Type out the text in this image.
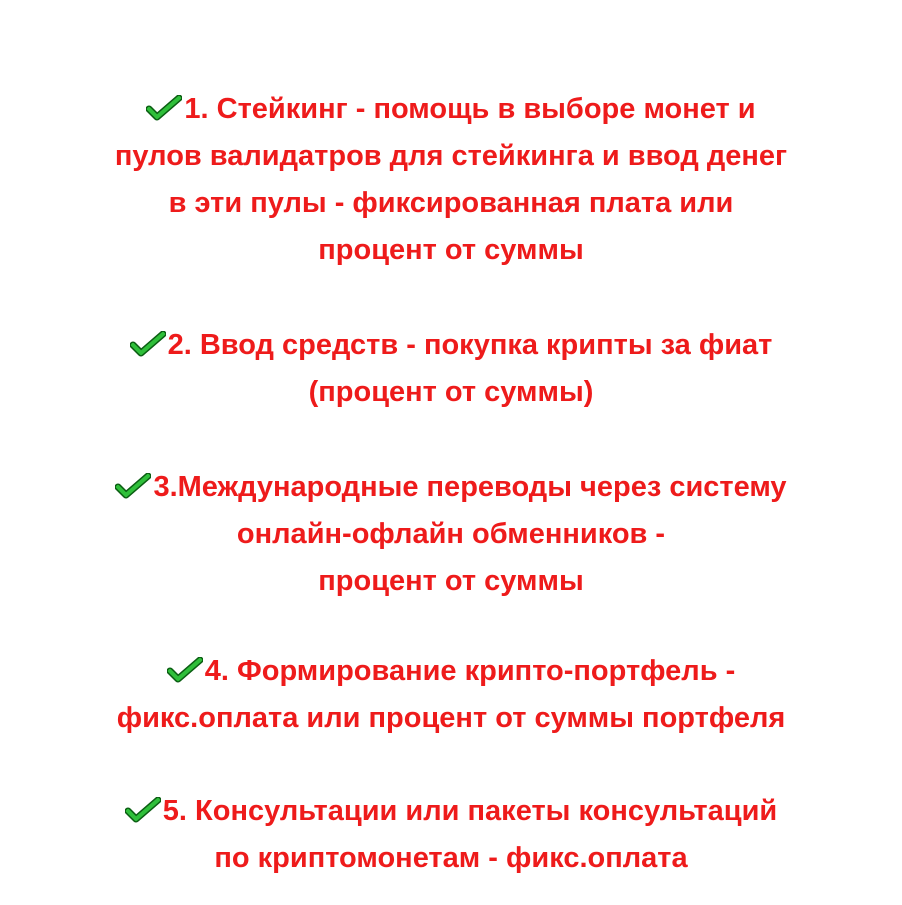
1. Стейкинг - помощь в выборе монет и
пулов валидатров для стейкинга и ввод денег
в эти пулы - фиксированная плата или
процент от суммы
2. Ввод средств - покупка крипты за фиат
(процент от суммы)
3.Международные переводы через систему
онлайн-офлайн обменников -
процент от суммы
4. Формирование крипто-портфель -
фикс.оплата или процент от суммы портфеля
5. Консультации или пакеты консультаций
по криптомонетам - фикс.оплата
